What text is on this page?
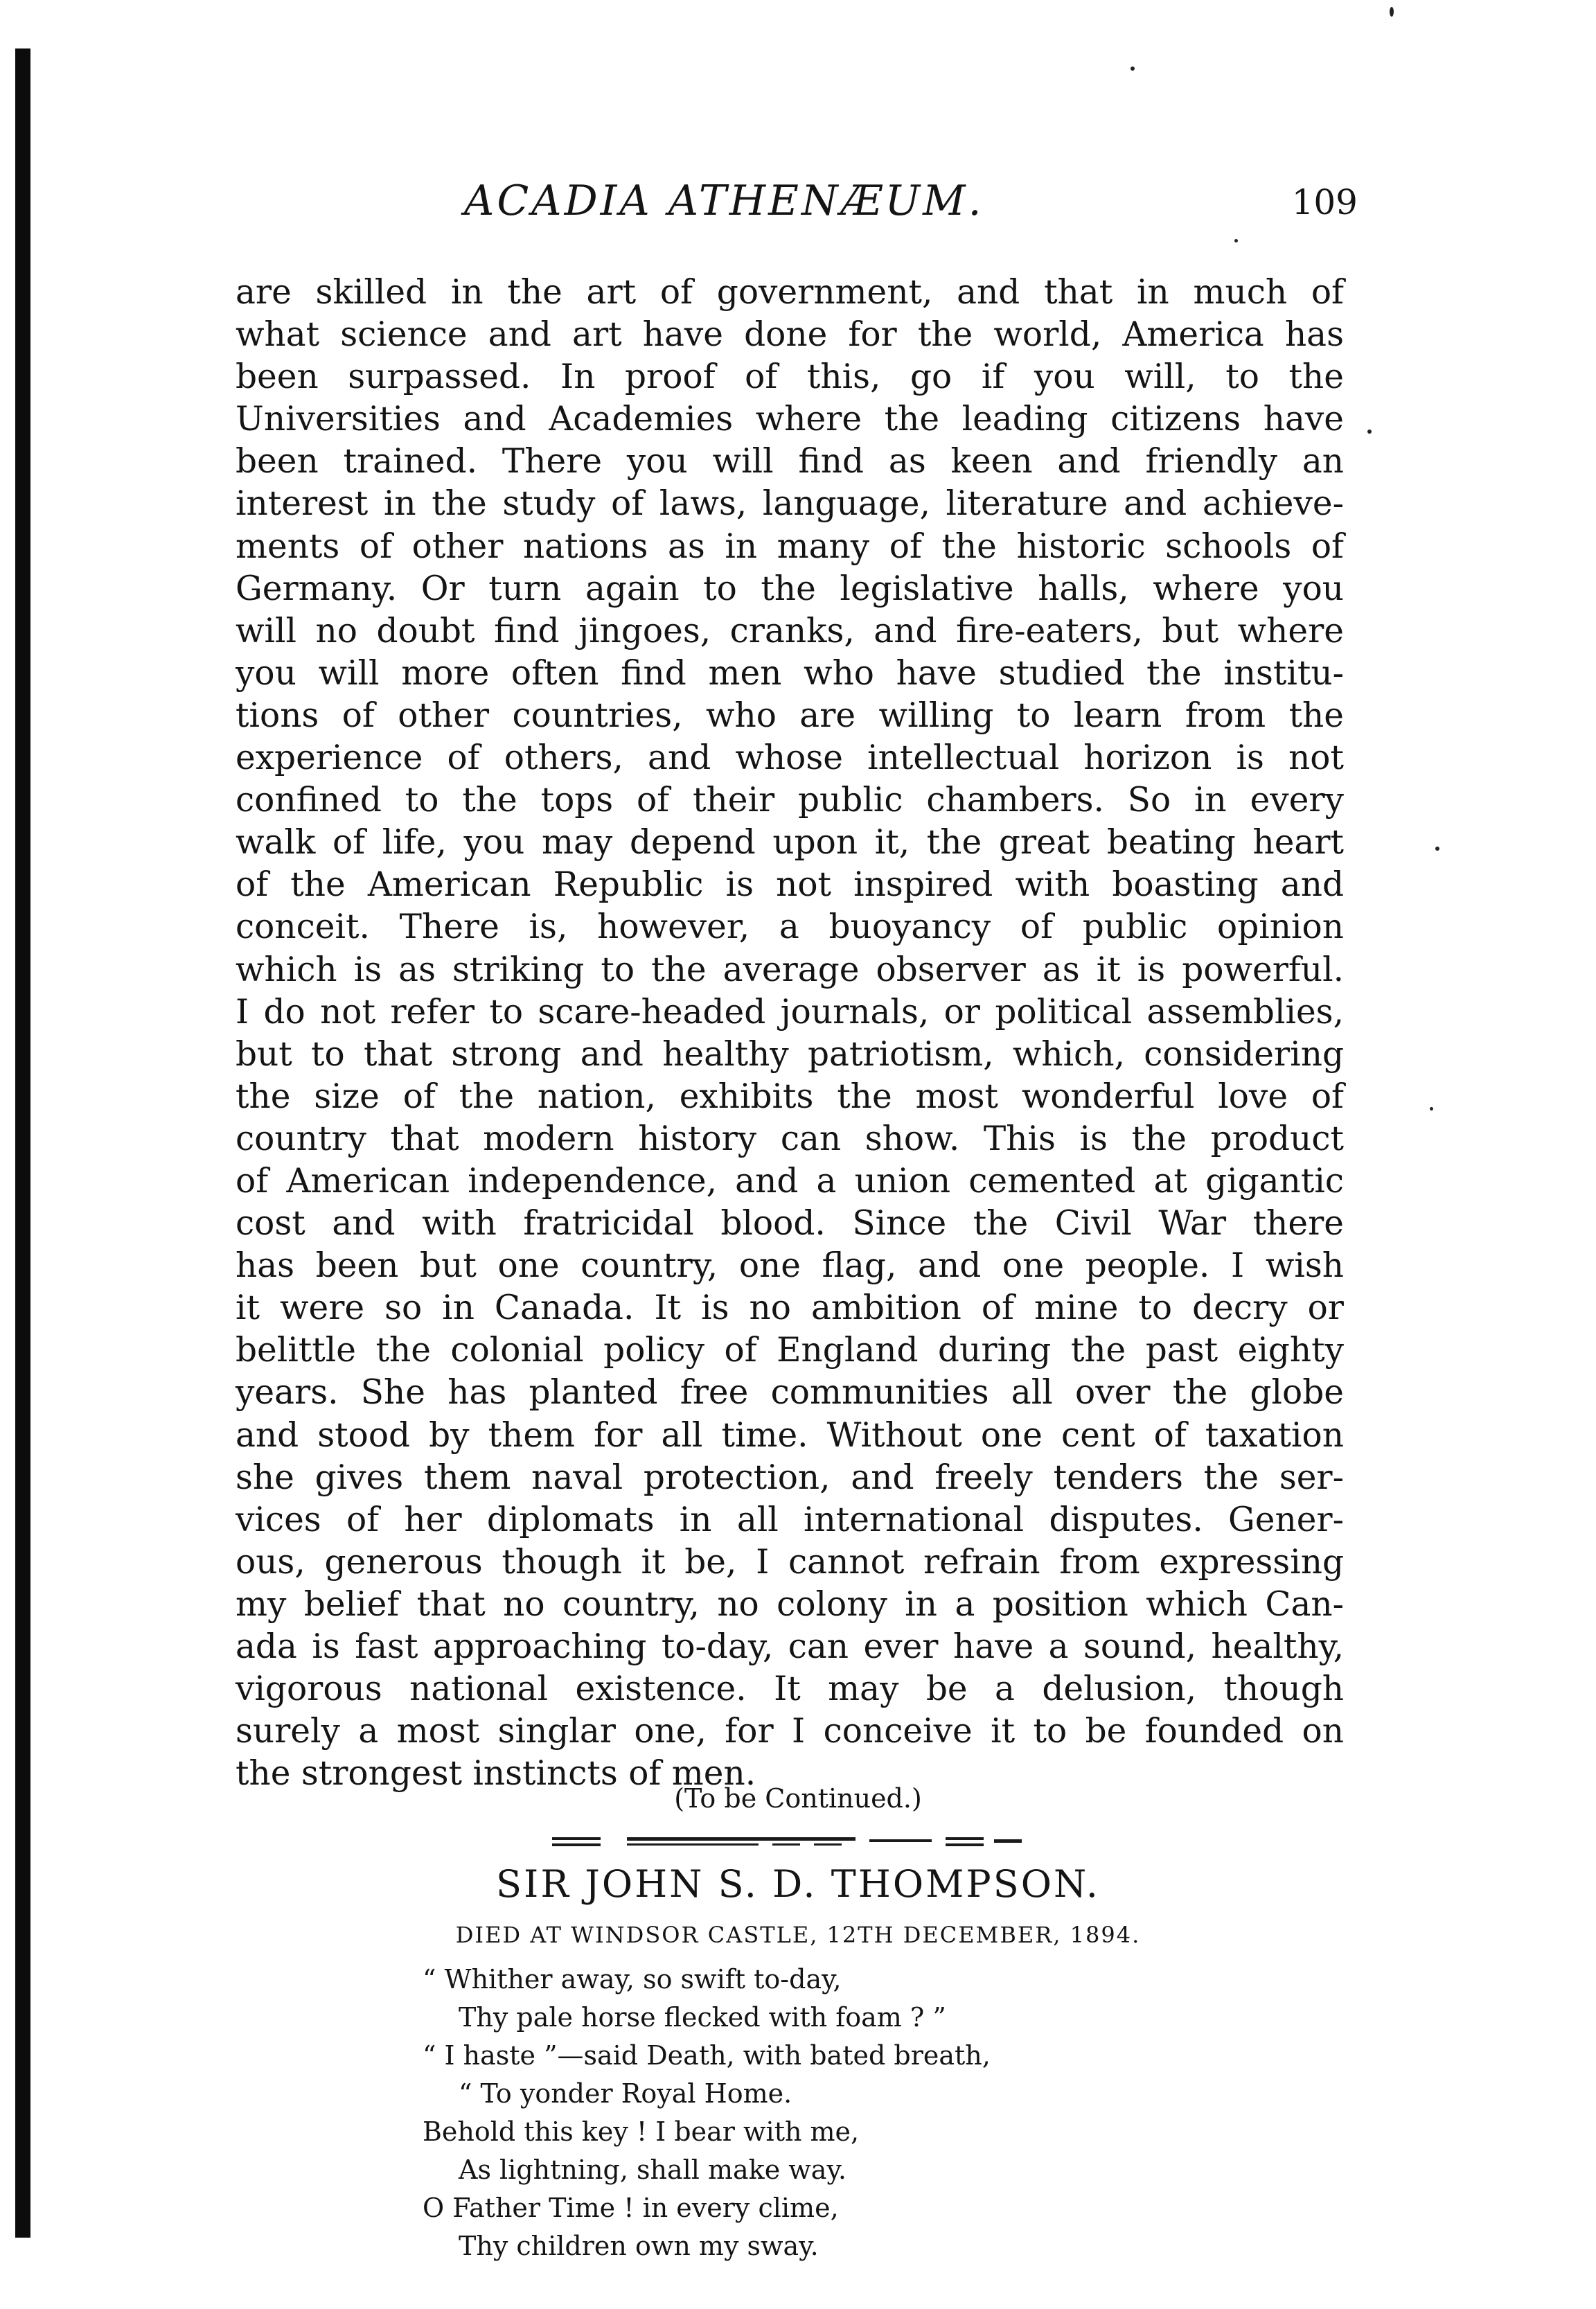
ACADIA ATHENÆUM.	109
are skilled in the art of government, and that in much of
what science and art have done for the world, America has
been surpassed. In proof of this, go if you will, to the
Universities and Academies where the leading citizens have
been trained. There you will find as keen and friendly an
interest in the study of laws, language, literature and achieve-
ments of other nations as in many of the historic schools of
Germany. Or turn again to the legislative halls, where you
will no doubt find jingoes, cranks, and fire-eaters, but where
you will more often find men who have studied the institu-
tions of other countries, who are willing to learn from the
experience of others, and whose intellectual horizon is not
confined to the tops of their public chambers. So in every
walk of life, you may depend upon it, the great beating heart
of the American Republic is not inspired with boasting and
conceit. There is, however, a buoyancy of public opinion
which is as striking to the average observer as it is powerful.
I do not refer to scare-headed journals, or political assemblies,
but to that strong and healthy patriotism, which, considering
the size of the nation, exhibits the most wonderful love of
country that modern history can show. This is the product
of American independence, and a union cemented at gigantic
cost and with fratricidal blood. Since the Civil War there
has been but one country, one flag, and one people. I wish
it were so in Canada. It is no ambition of mine to decry or
belittle the colonial policy of England during the past eighty
years. She has planted free communities all over the globe
and stood by them for all time. Without one cent of taxation
she gives them naval protection, and freely tenders the ser-
vices of her diplomats in all international disputes. Gener-
ous, generous though it be, I cannot refrain from expressing
my belief that no country, no colony in a position which Can-
ada is fast approaching to-day, can ever have a sound, healthy,
vigorous national existence. It may be a delusion, though
surely a most singlar one, for I conceive it to be founded on
the strongest instincts of men.
(To be Continued.)
SIR JOHN S. D. THOMPSON.
DIED AT WINDSOR CASTLE, 12TH DECEMBER, 1894.
“ Whither away, so swift to-day,
Thy pale horse flecked with foam ? ”
“ I haste ”—said Death, with bated breath,
“ To yonder Royal Home.
Behold this key ! I bear with me,
As lightning, shall make way.
O Father Time ! in every clime,
Thy children own my sway.
